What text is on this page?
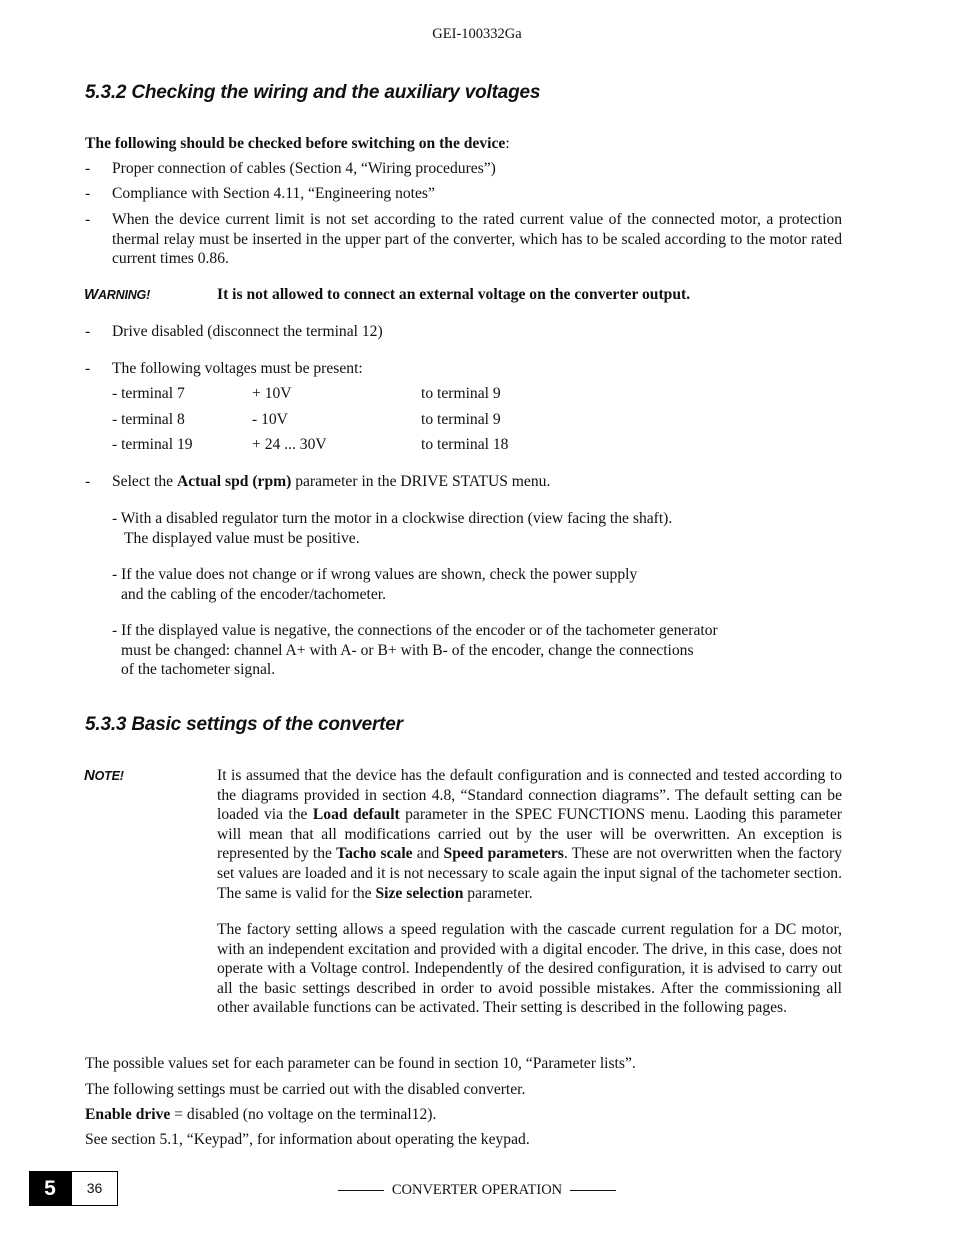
GEI-100332Ga
5.3.2 Checking the wiring and the auxiliary voltages
The following should be checked before switching on the device:
- Proper connection of cables (Section 4, “Wiring procedures”)
- Compliance with Section 4.11, “Engineering notes”
- When the device current limit is not set according to the rated current value of the connected motor, a protection thermal relay must be inserted in the upper part of the converter, which has to be scaled according to the motor rated current times 0.86.
WARNING!	It is not allowed to connect an external voltage on the converter output.
- Drive disabled (disconnect the terminal 12)
- The following voltages must be present:
- terminal 7	+ 10V	to terminal 9
- terminal 8	- 10V	to terminal 9
- terminal 19	+ 24 ... 30V	to terminal 18
- Select the Actual spd (rpm) parameter in the DRIVE STATUS menu.
- With a disabled regulator turn the motor in a clockwise direction (view facing the shaft).
The displayed value must be positive.
- If the value does not change or if wrong values are shown, check the power supply
and the cabling of the encoder/tachometer.
- If the displayed value is negative, the connections of the encoder or of the tachometer generator
must be changed: channel A+ with A- or B+ with B- of the encoder, change the connections
of the tachometer signal.
5.3.3 Basic settings of the converter
NOTE!	It is assumed that the device has the default configuration and is connected and tested according to the diagrams provided in section 4.8, “Standard connection diagrams”. The default setting can be loaded via the Load default parameter in the SPEC FUNCTIONS menu. Laoding this parameter will mean that all modifications carried out by the user will be overwritten. An exception is represented by the Tacho scale and Speed parameters. These are not overwritten when the factory set values are loaded and it is not necessary to scale again the input signal of the tachometer section. The same is valid for the Size selection parameter.
The factory setting allows a speed regulation with the cascade current regulation for a DC motor, with an independent excitation and provided with a digital encoder. The drive, in this case, does not operate with a Voltage control. Independently of the desired configuration, it is advised to carry out all the basic settings described in order to avoid possible mistakes. After the commissioning all other available functions can be activated. Their setting is described in the following pages.
The possible values set for each parameter can be found in section 10, “Parameter lists”.
The following settings must be carried out with the disabled converter.
Enable drive = disabled (no voltage on the terminal12).
See section 5.1, “Keypad”, for information about operating the keypad.
5	36	CONVERTER OPERATION
